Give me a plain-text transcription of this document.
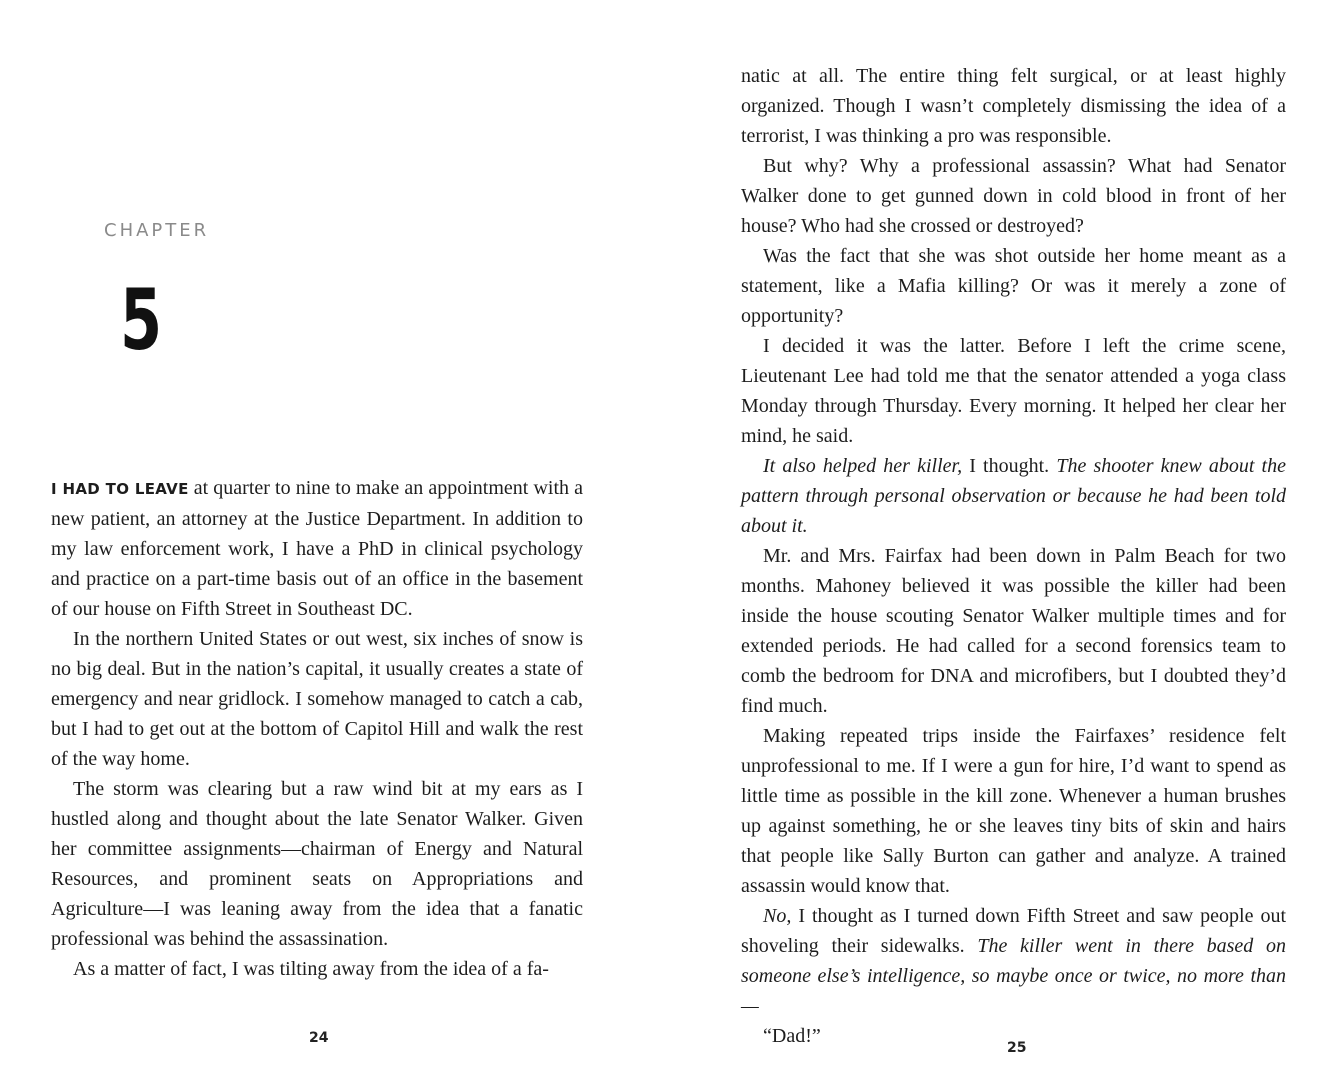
CHAPTER
5

I HAD TO LEAVE at quarter to nine to make an appointment with a new patient, an attorney at the Justice Department. In addition to my law enforcement work, I have a PhD in clinical psychology and practice on a part-time basis out of an office in the basement of our house on Fifth Street in Southeast DC.

In the northern United States or out west, six inches of snow is no big deal. But in the nation’s capital, it usually creates a state of emergency and near gridlock. I somehow managed to catch a cab, but I had to get out at the bottom of Capitol Hill and walk the rest of the way home.

The storm was clearing but a raw wind bit at my ears as I hustled along and thought about the late Senator Walker. Given her committee assignments—chairman of Energy and Natural Resources, and prominent seats on Appropriations and Agriculture—I was leaning away from the idea that a fanatic professional was behind the assassination.

As a matter of fact, I was tilting away from the idea of a fa-

24

natic at all. The entire thing felt surgical, or at least highly organized. Though I wasn’t completely dismissing the idea of a terrorist, I was thinking a pro was responsible.

But why? Why a professional assassin? What had Senator Walker done to get gunned down in cold blood in front of her house? Who had she crossed or destroyed?

Was the fact that she was shot outside her home meant as a statement, like a Mafia killing? Or was it merely a zone of opportunity?

I decided it was the latter. Before I left the crime scene, Lieutenant Lee had told me that the senator attended a yoga class Monday through Thursday. Every morning. It helped her clear her mind, he said.

It also helped her killer, I thought. The shooter knew about the pattern through personal observation or because he had been told about it.

Mr. and Mrs. Fairfax had been down in Palm Beach for two months. Mahoney believed it was possible the killer had been inside the house scouting Senator Walker multiple times and for extended periods. He had called for a second forensics team to comb the bedroom for DNA and microfibers, but I doubted they’d find much.

Making repeated trips inside the Fairfaxes’ residence felt unprofessional to me. If I were a gun for hire, I’d want to spend as little time as possible in the kill zone. Whenever a human brushes up against something, he or she leaves tiny bits of skin and hairs that people like Sally Burton can gather and analyze. A trained assassin would know that.

No, I thought as I turned down Fifth Street and saw people out shoveling their sidewalks. The killer went in there based on someone else’s intelligence, so maybe once or twice, no more than—

“Dad!”

25
